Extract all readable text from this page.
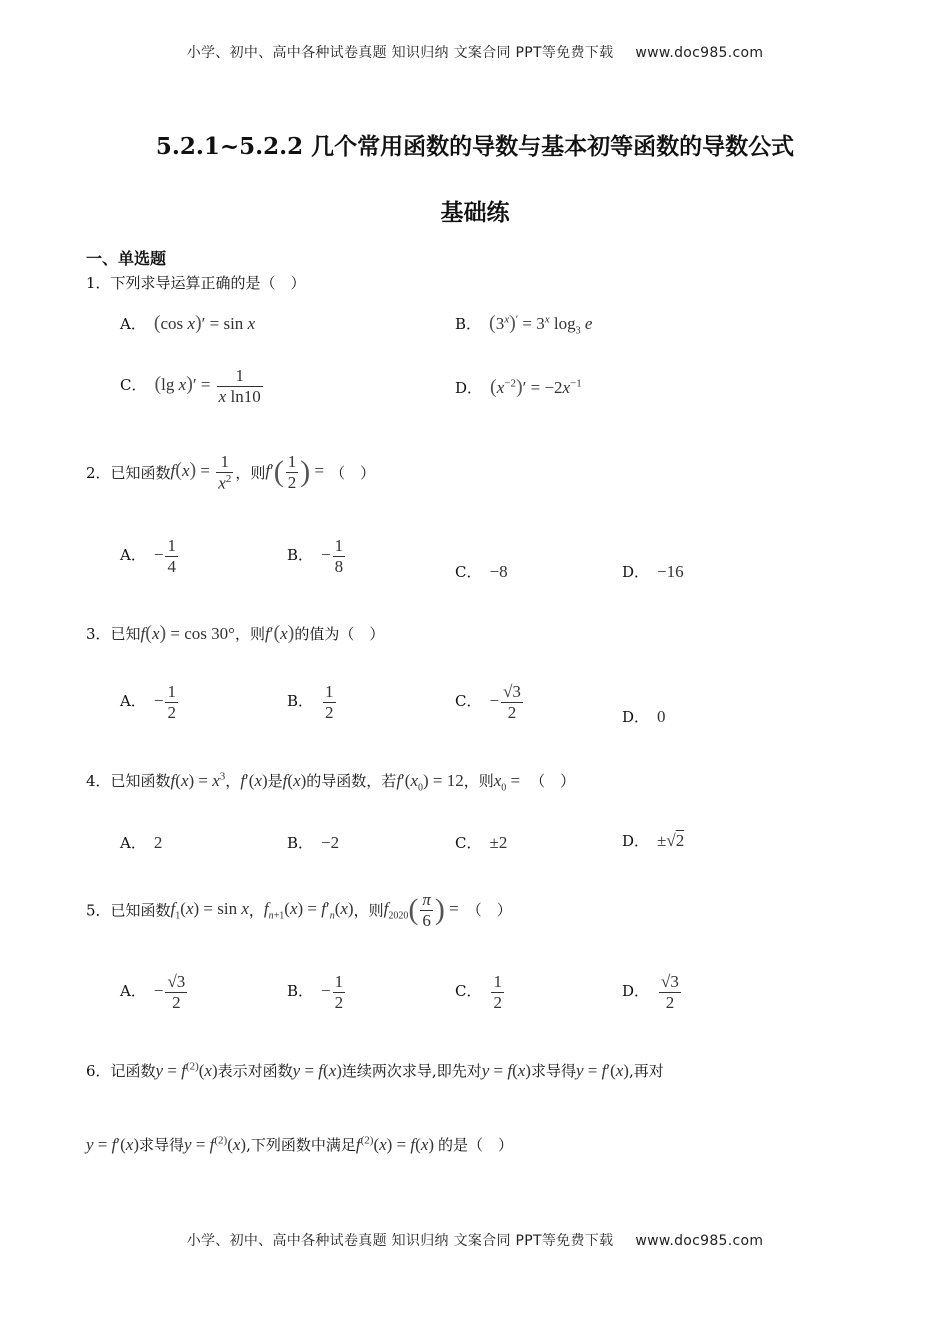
小学、初中、高中各种试卷真题 知识归纳 文案合同 PPT等免费下载 www.doc985.com
5.2.1~5.2.2 几个常用函数的导数与基本初等函数的导数公式
基础练
一、单选题
1．下列求导运算正确的是（　）
A． (cos x)′ = sin x	B． $(3^x)' = 3^x$ $\log_3 e$
C． (lg $x)' = \frac{1}{\text{x ln10}}$	D． $(x^{-2})' = -2x^{-1}$
2．已知函数$f(x) = \frac{1}{x^2}$ ，则$f'( \frac{1}{2}$ ) = （　）
A． − $\frac{1}{4}$	B． − $\frac{1}{8}$	C． −8	D． −16
3．已知f(x) = cos 30°，则f′(x)的值为（　）
A． − $\frac{1}{2}$	B． $\frac{1}{2}$	C． − $\frac{√3}{2}$	D． 0
4．已知函数$f(x) = x^3$，f′(x)是f(x)的导函数，若$f'(x_0) = 12$，则$x_0$ = （　）
A． 2	B． −2	C． ±2	D． ±√2
5．已知函数$f_1(x) = \sin x$，$f_{n+1}(x) = f'_n(x)$，则$f_{2020}( \frac{\pi}{6}$ ) = （　）
A． − $\frac{√3}{2}$	B． − $\frac{1}{2}$	C． $\frac{1}{2}$	D． $\frac{√3}{2}$
6．记函数$y = f^{(2)}(x)$表示对函数y = f(x)连续两次求导,即先对y = f(x)求导得y = f′(x),再对
y = f′(x)求导得$y = f^{(2)}(x)$,下列函数中满足$f^{(2)}(x) = f(x)$ 的是（　）
小学、初中、高中各种试卷真题 知识归纳 文案合同 PPT等免费下载 www.doc985.com
